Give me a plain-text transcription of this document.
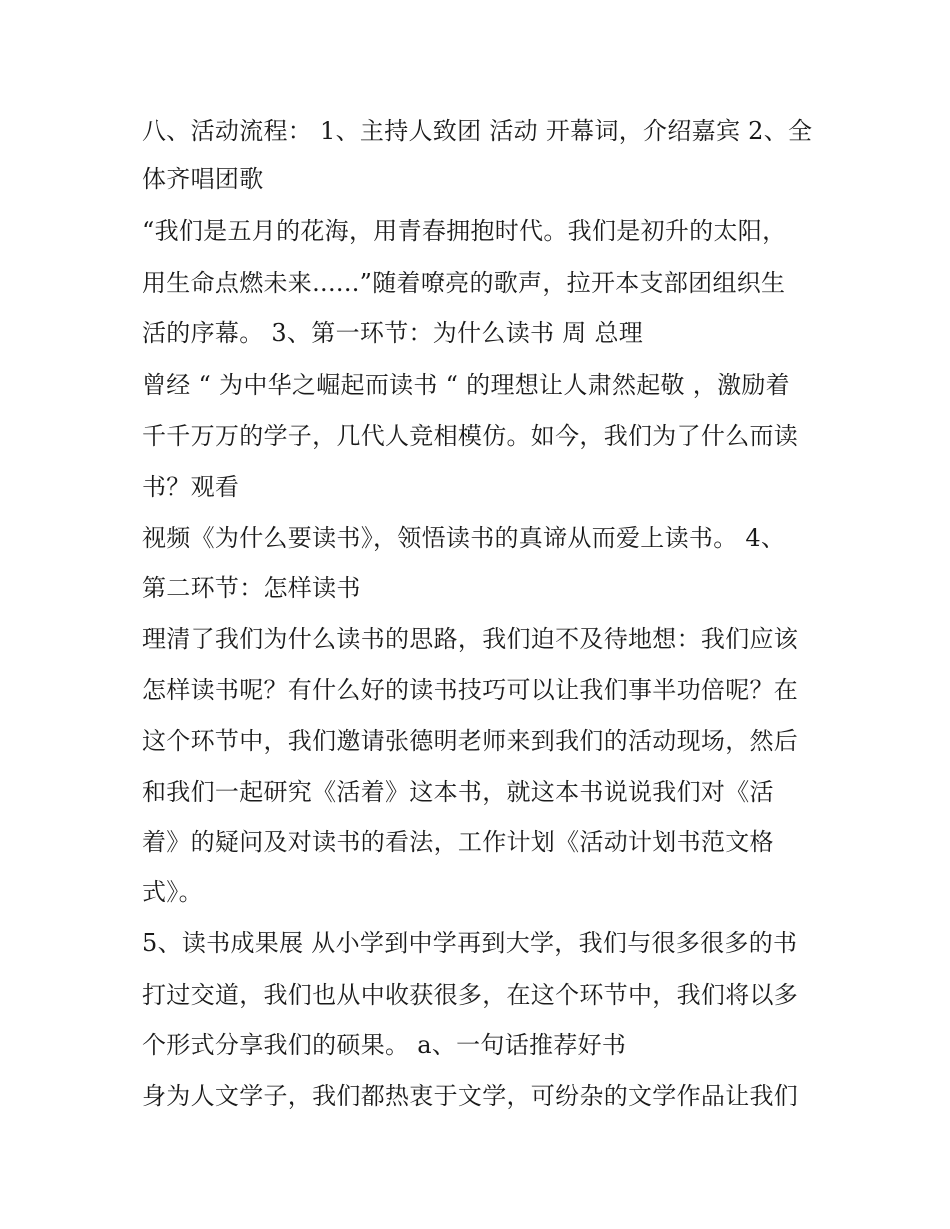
八、活动流程： 1、主持人致团 活动 开幕词，介绍嘉宾 2、全
体齐唱团歌
“我们是五月的花海，用青春拥抱时代。我们是初升的太阳，
用生命点燃未来......”随着嘹亮的歌声，拉开本支部团组织生
活的序幕。 3、第一环节：为什么读书 周 总理
曾经 “ 为中华之崛起而读书 “ 的理想让人肃然起敬 ，激励着
千千万万的学子，几代人竞相模仿。如今，我们为了什么而读
书？观看
视频《为什么要读书》，领悟读书的真谛从而爱上读书。 4、
第二环节：怎样读书
理清了我们为什么读书的思路，我们迫不及待地想：我们应该
怎样读书呢？有什么好的读书技巧可以让我们事半功倍呢？在
这个环节中，我们邀请张德明老师来到我们的活动现场，然后
和我们一起研究《活着》这本书，就这本书说说我们对《活
着》的疑问及对读书的看法，工作计划《活动计划书范文格
式》。
5、读书成果展 从小学到中学再到大学，我们与很多很多的书
打过交道，我们也从中收获很多，在这个环节中，我们将以多
个形式分享我们的硕果。 a、一句话推荐好书
身为人文学子，我们都热衷于文学，可纷杂的文学作品让我们
